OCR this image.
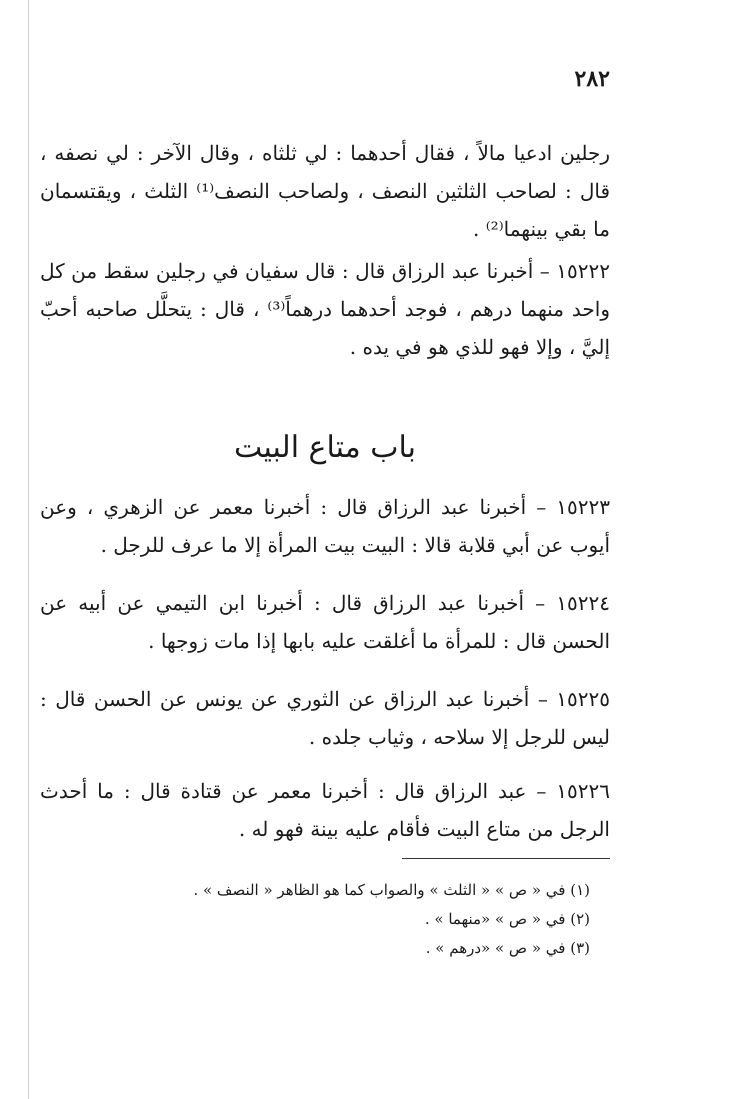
٢٨٢
رجلين ادعيا مالاً ، فقال أحدهما : لي ثلثاه ، وقال الآخر : لي نصفه ، قال : لصاحب الثلثين النصف ، ولصاحب النصف⁽¹⁾ الثلث ، ويقتسمان ما بقي بينهما⁽²⁾ .
١٥٢٢٢ – أخبرنا عبد الرزاق قال : قال سفيان في رجلين سقط من كل واحد منهما درهم ، فوجد أحدهما درهماً⁽³⁾ ، قال : يتحلَّل صاحبه أحبّ إليَّ ، وإلا فهو للذي هو في يده .
باب متاع البيت
١٥٢٢٣ – أخبرنا عبد الرزاق قال : أخبرنا معمر عن الزهري ، وعن أيوب عن أبي قلابة قالا : البيت بيت المرأة إلا ما عرف للرجل .
١٥٢٢٤ – أخبرنا عبد الرزاق قال : أخبرنا ابن التيمي عن أبيه عن الحسن قال : للمرأة ما أغلقت عليه بابها إذا مات زوجها .
١٥٢٢٥ – أخبرنا عبد الرزاق عن الثوري عن يونس عن الحسن قال : ليس للرجل إلا سلاحه ، وثياب جلده .
١٥٢٢٦ – عبد الرزاق قال : أخبرنا معمر عن قتادة قال : ما أحدث الرجل من متاع البيت فأقام عليه بينة فهو له .
(١) في « ص » « الثلث » والصواب كما هو الظاهر « النصف » .
(٢) في « ص » «منهما » .
(٣) في « ص » «درهم » .
